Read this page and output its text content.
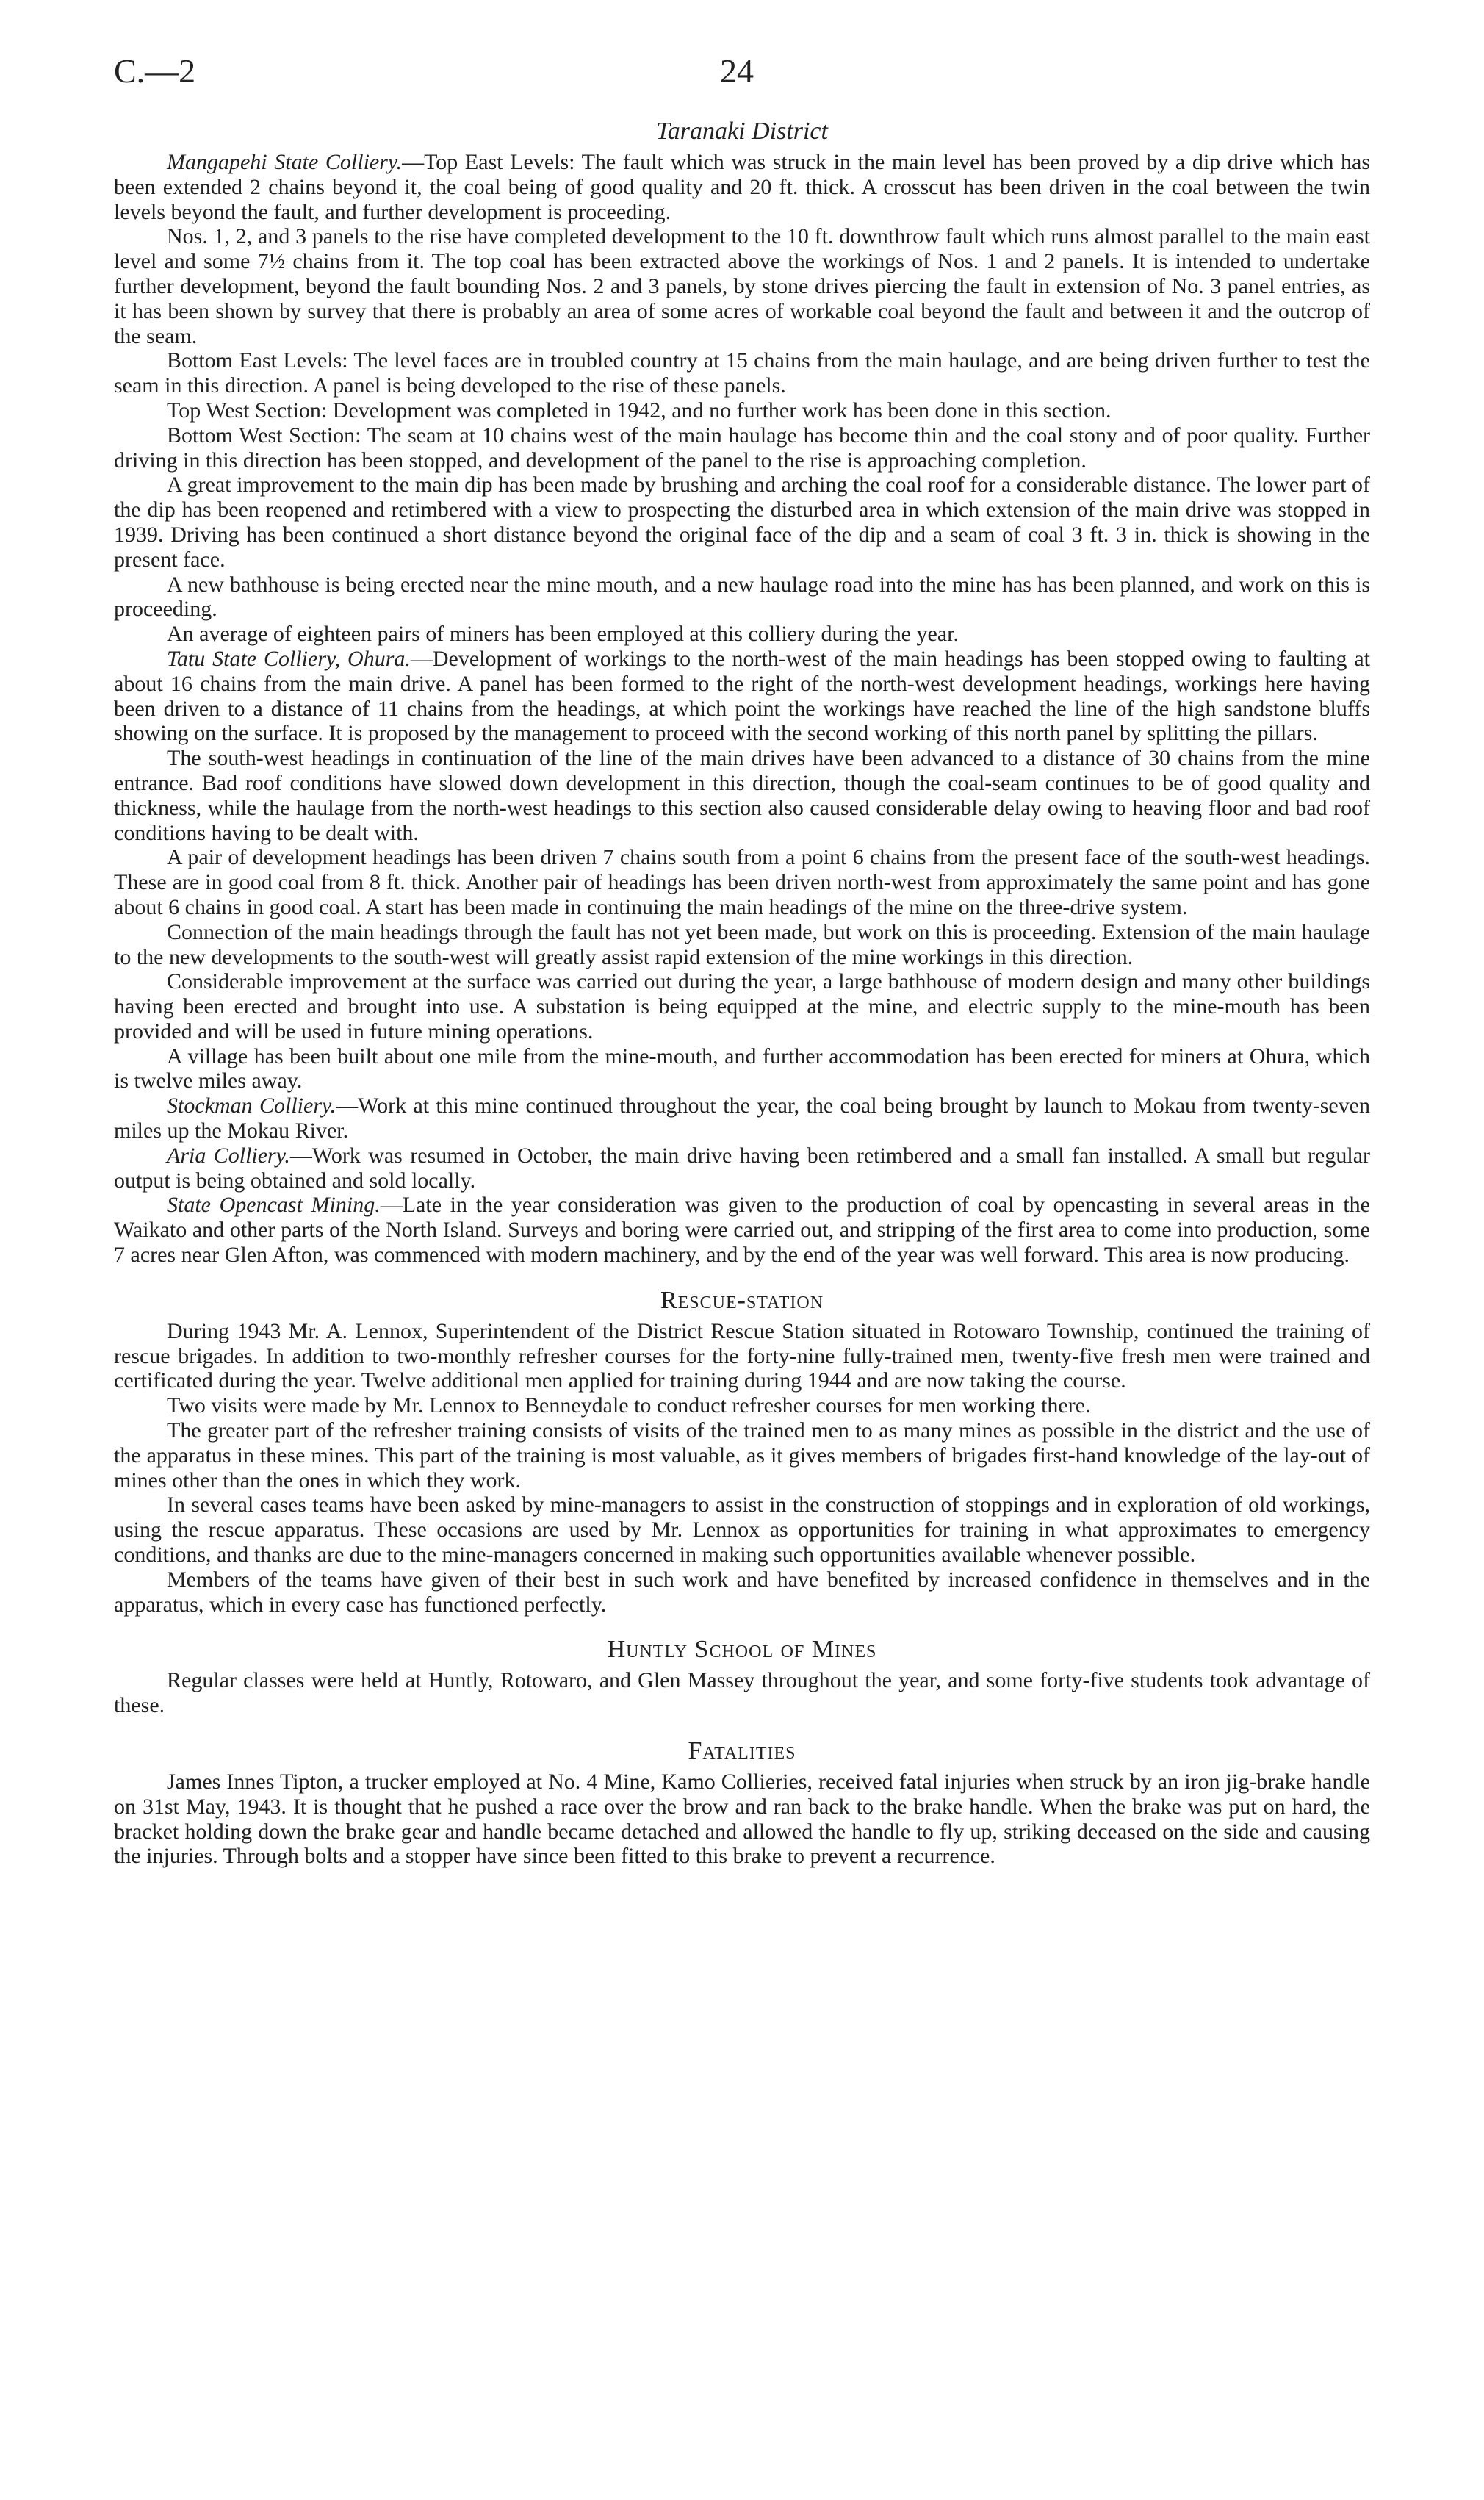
C.—2	24
Taranaki District

Mangapehi State Colliery.—Top East Levels: The fault which was struck in the main level has been proved by a dip drive which has been extended 2 chains beyond it, the coal being of good quality and 20 ft. thick. A crosscut has been driven in the coal between the twin levels beyond the fault, and further development is proceeding.

Nos. 1, 2, and 3 panels to the rise have completed development to the 10 ft. downthrow fault which runs almost parallel to the main east level and some 7½ chains from it. The top coal has been extracted above the workings of Nos. 1 and 2 panels. It is intended to undertake further development, beyond the fault bounding Nos. 2 and 3 panels, by stone drives piercing the fault in extension of No. 3 panel entries, as it has been shown by survey that there is probably an area of some acres of workable coal beyond the fault and between it and the outcrop of the seam.

Bottom East Levels: The level faces are in troubled country at 15 chains from the main haulage, and are being driven further to test the seam in this direction. A panel is being developed to the rise of these panels.

Top West Section: Development was completed in 1942, and no further work has been done in this section.

Bottom West Section: The seam at 10 chains west of the main haulage has become thin and the coal stony and of poor quality. Further driving in this direction has been stopped, and development of the panel to the rise is approaching completion.

A great improvement to the main dip has been made by brushing and arching the coal roof for a considerable distance. The lower part of the dip has been reopened and retimbered with a view to prospecting the disturbed area in which extension of the main drive was stopped in 1939. Driving has been continued a short distance beyond the original face of the dip and a seam of coal 3 ft. 3 in. thick is showing in the present face.

A new bathhouse is being erected near the mine mouth, and a new haulage road into the mine has has been planned, and work on this is proceeding.

An average of eighteen pairs of miners has been employed at this colliery during the year.

Tatu State Colliery, Ohura.—Development of workings to the north-west of the main headings has been stopped owing to faulting at about 16 chains from the main drive. A panel has been formed to the right of the north-west development headings, workings here having been driven to a distance of 11 chains from the headings, at which point the workings have reached the line of the high sandstone bluffs showing on the surface. It is proposed by the management to proceed with the second working of this north panel by splitting the pillars.

The south-west headings in continuation of the line of the main drives have been advanced to a distance of 30 chains from the mine entrance. Bad roof conditions have slowed down development in this direction, though the coal-seam continues to be of good quality and thickness, while the haulage from the north-west headings to this section also caused considerable delay owing to heaving floor and bad roof conditions having to be dealt with.

A pair of development headings has been driven 7 chains south from a point 6 chains from the present face of the south-west headings. These are in good coal from 8 ft. thick. Another pair of headings has been driven north-west from approximately the same point and has gone about 6 chains in good coal. A start has been made in continuing the main headings of the mine on the three-drive system.

Connection of the main headings through the fault has not yet been made, but work on this is proceeding. Extension of the main haulage to the new developments to the south-west will greatly assist rapid extension of the mine workings in this direction.

Considerable improvement at the surface was carried out during the year, a large bathhouse of modern design and many other buildings having been erected and brought into use. A substation is being equipped at the mine, and electric supply to the mine-mouth has been provided and will be used in future mining operations.

A village has been built about one mile from the mine-mouth, and further accommodation has been erected for miners at Ohura, which is twelve miles away.

Stockman Colliery.—Work at this mine continued throughout the year, the coal being brought by launch to Mokau from twenty-seven miles up the Mokau River.

Aria Colliery.—Work was resumed in October, the main drive having been retimbered and a small fan installed. A small but regular output is being obtained and sold locally.

State Opencast Mining.—Late in the year consideration was given to the production of coal by opencasting in several areas in the Waikato and other parts of the North Island. Surveys and boring were carried out, and stripping of the first area to come into production, some 7 acres near Glen Afton, was commenced with modern machinery, and by the end of the year was well forward. This area is now producing.

Rescue-station

During 1943 Mr. A. Lennox, Superintendent of the District Rescue Station situated in Rotowaro Township, continued the training of rescue brigades. In addition to two-monthly refresher courses for the forty-nine fully-trained men, twenty-five fresh men were trained and certificated during the year. Twelve additional men applied for training during 1944 and are now taking the course.

Two visits were made by Mr. Lennox to Benneydale to conduct refresher courses for men working there.

The greater part of the refresher training consists of visits of the trained men to as many mines as possible in the district and the use of the apparatus in these mines. This part of the training is most valuable, as it gives members of brigades first-hand knowledge of the lay-out of mines other than the ones in which they work.

In several cases teams have been asked by mine-managers to assist in the construction of stoppings and in exploration of old workings, using the rescue apparatus. These occasions are used by Mr. Lennox as opportunities for training in what approximates to emergency conditions, and thanks are due to the mine-managers concerned in making such opportunities available whenever possible.

Members of the teams have given of their best in such work and have benefited by increased confidence in themselves and in the apparatus, which in every case has functioned perfectly.

Huntly School of Mines

Regular classes were held at Huntly, Rotowaro, and Glen Massey throughout the year, and some forty-five students took advantage of these.

Fatalities

James Innes Tipton, a trucker employed at No. 4 Mine, Kamo Collieries, received fatal injuries when struck by an iron jig-brake handle on 31st May, 1943. It is thought that he pushed a race over the brow and ran back to the brake handle. When the brake was put on hard, the bracket holding down the brake gear and handle became detached and allowed the handle to fly up, striking deceased on the side and causing the injuries. Through bolts and a stopper have since been fitted to this brake to prevent a recurrence.
